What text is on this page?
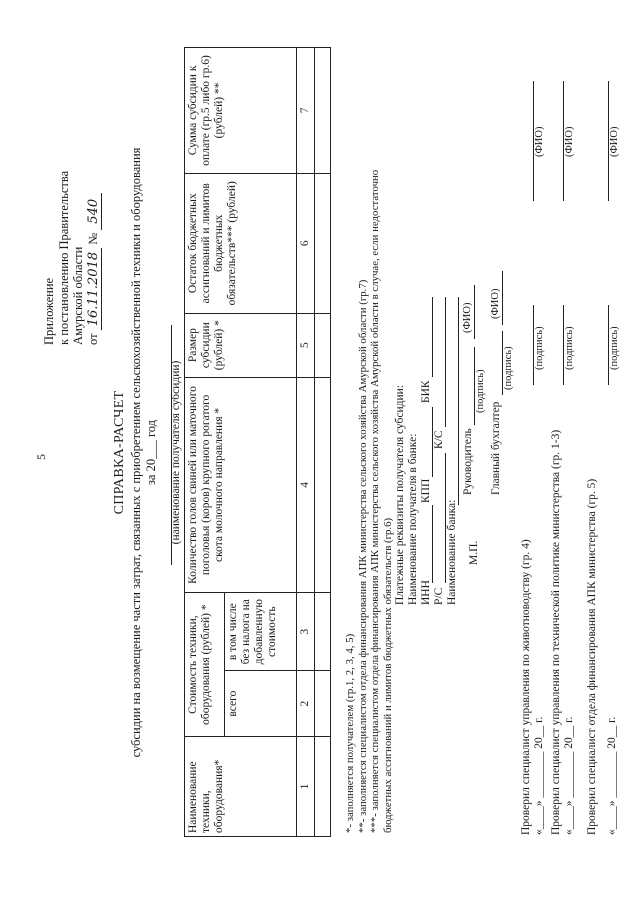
5
Приложение к постановлению Правительства Амурской области от 16.11.2018 № 540
СПРАВКА-РАСЧЕТ субсидии на возмещение части затрат, связанных с приобретением сельскохозяйственной техники и оборудования за 20___ год (наименование получателя субсидии)
Наименование техники, оборудования*	Стоимость техники, оборудования (рублей) *		Количество голов свиней или маточного поголовья (коров) крупного рогатого скота молочного направления *	Размер субсидии (рублей) *	Остаток бюджетных ассигнований и лимитов бюджетных обязательств*** (рублей)	Сумма субсидии к оплате (гр.5 либо гр.6) (рублей) **
	всего	в том числе без налога на добавленную стоимость				
1	2	3	4	5	6	7

*- заполняется получателем (гр.1, 2, 3, 4, 5) **- заполняется специалистом отдела финансирования АПК министерства сельского хозяйства Амурской области (гр.7) ***- заполняется специалистом отдела финансирования АПК министерства сельского хозяйства Амурской области в случае, если недостаточно бюджетных ассигнований и лимитов бюджетных обязательств (гр.6)
Платежные реквизиты получателя субсидии: Наименование получателя в банке: ИНН
КПП
БИК
Р/С
К/С
Наименование банка: М.П.
Руководитель
(подпись)
(ФИО)
Главный бухгалтер
(подпись)
(ФИО)
Проверил специалист управления по животноводству (гр. 4) «____» ________ 20__ г.
(подпись)
(ФИО)
Проверил специалист управления по технической политике министерства (гр. 1-3) «____» ________ 20__ г.
(подпись)
(ФИО)
Проверил специалист отдела финансирования АПК министерства (гр. 5) «____» ________ 20__ г.
(подпись)
(ФИО)
